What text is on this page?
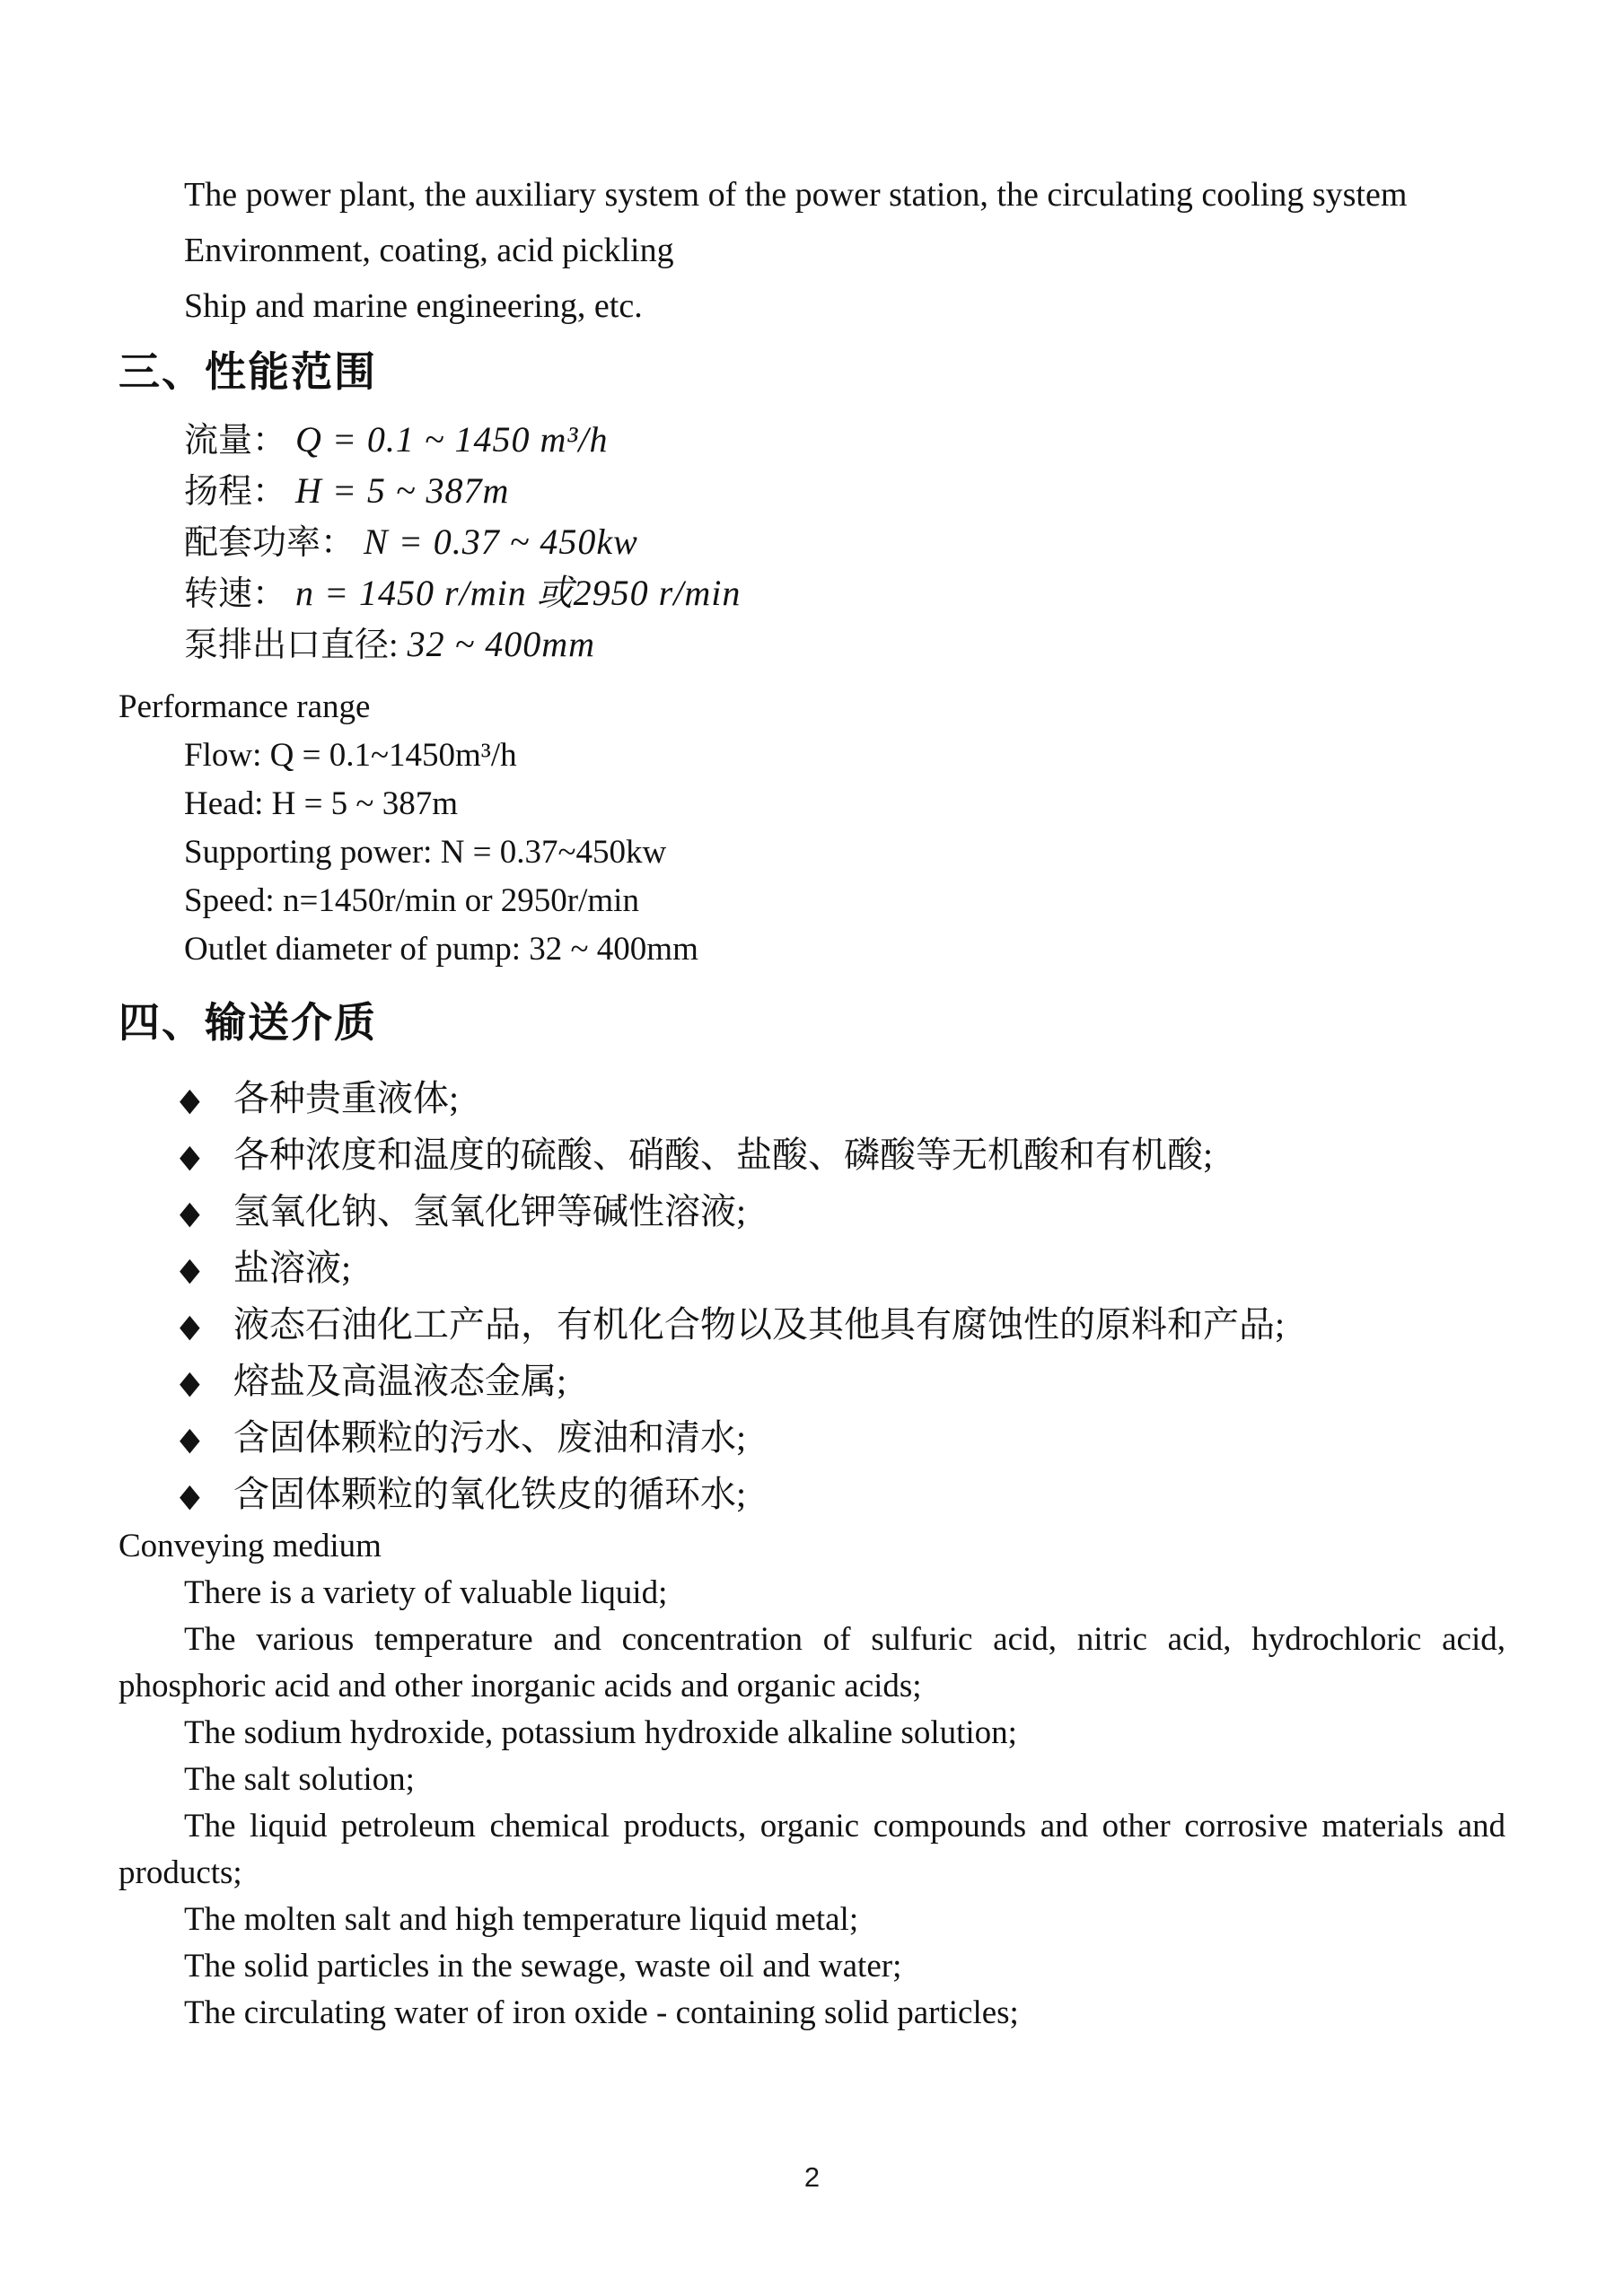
The power plant, the auxiliary system of the power station, the circulating cooling system

Environment, coating, acid pickling

Ship and marine engineering, etc.

三、性能范围

流量： Q = 0.1 ~ 1450 m³/h

扬程： H = 5 ~ 387m

配套功率： N = 0.37 ~ 450kw

转速： n = 1450 r/min 或2950 r/min

泵排出口直径: 32 ~ 400mm

Performance range

Flow: Q = 0.1~1450m³/h

Head: H = 5 ~ 387m

Supporting power: N = 0.37~450kw

Speed: n=1450r/min or 2950r/min

Outlet diameter of pump: 32 ~ 400mm

四、输送介质
◆ 各种贵重液体;
◆ 各种浓度和温度的硫酸、硝酸、盐酸、磷酸等无机酸和有机酸;
◆ 氢氧化钠、氢氧化钾等碱性溶液;
◆ 盐溶液;
◆ 液态石油化工产品，有机化合物以及其他具有腐蚀性的原料和产品;
◆ 熔盐及高温液态金属;
◆ 含固体颗粒的污水、废油和清水;
◆ 含固体颗粒的氧化铁皮的循环水;

Conveying medium

There is a variety of valuable liquid;

The various temperature and concentration of sulfuric acid, nitric acid, hydrochloric acid, phosphoric acid and other inorganic acids and organic acids;

The sodium hydroxide, potassium hydroxide alkaline solution;

The salt solution;

The liquid petroleum chemical products, organic compounds and other corrosive materials and products;

The molten salt and high temperature liquid metal;

The solid particles in the sewage, waste oil and water;

The circulating water of iron oxide - containing solid particles;

2
